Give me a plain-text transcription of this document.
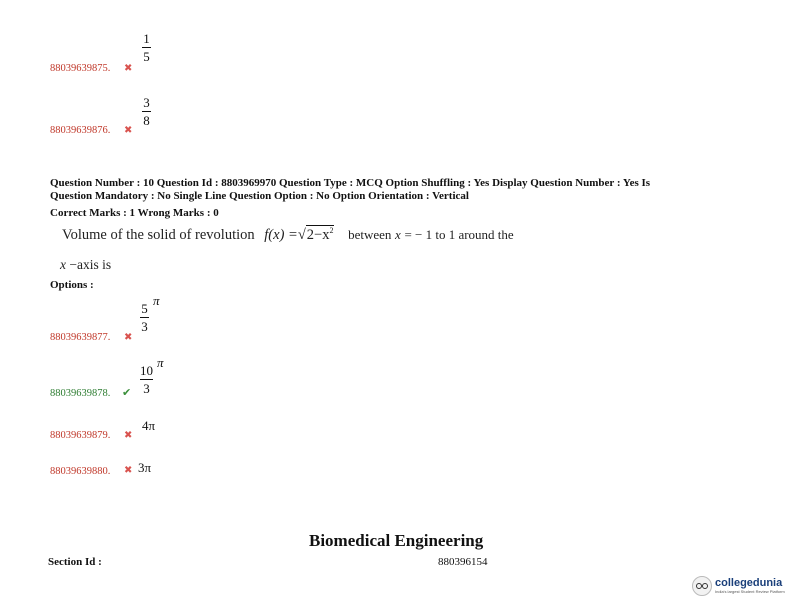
1
5
88039639875. ✖
$\frac{3}{8}$
88039639876. ✖
Question Number : 10 Question Id : 8803969970 Question Type : MCQ Option Shuffling : Yes Display Question Number : Yes Is
Question Mandatory : No Single Line Question Option : No Option Orientation : Vertical
Correct Marks : 1 Wrong Marks : 0
Volume of the solid of revolution $f(x) =√2-x^2$ between x = − 1 to 1 around the
x −axis is
Options :
$\frac{5}{3}$
$^\pi$
88039639877. ✖
$\frac{10}{3}$
$^\pi$
88039639878. ✔
4π
88039639879. ✖
88039639880. ✖ 3π
Biomedical Engineering
Section Id :	880396154
collegedunia
India's largest Student Review Platform
